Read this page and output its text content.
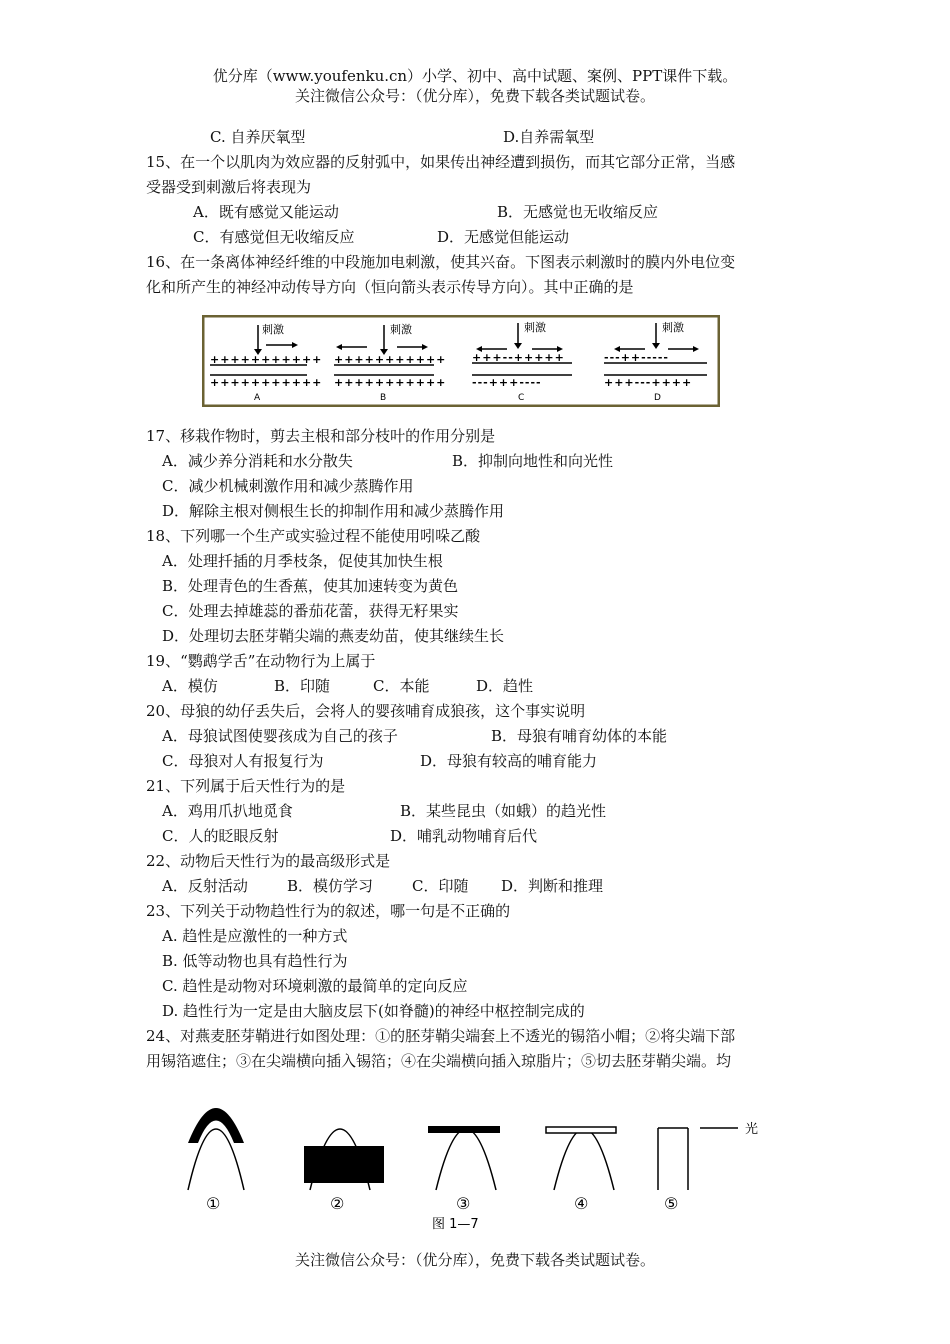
优分库（www.youfenku.cn）小学、初中、高中试题、案例、PPT课件下载。
关注微信公众号：（优分库），免费下载各类试题试卷。
C. 自养厌氧型	D.自养需氧型
15、在一个以肌肉为效应器的反射弧中，如果传出神经遭到损伤，而其它部分正常，当感
受器受到刺激后将表现为
A．既有感觉又能运动	B．无感觉也无收缩反应
C．有感觉但无收缩反应	D．无感觉但能运动
16、在一条离体神经纤维的中段施加电刺激，使其兴奋。下图表示刺激时的膜内外电位变
化和所产生的神经冲动传导方向（恒向箭头表示传导方向）。其中正确的是
刺激
+++++++++++
+++++++++++
A
刺激
+++++++++++
+++++++++++
B
刺激
+++--+++++
---+++----
C
刺激
---++-----
+++---++++
D
17、移栽作物时，剪去主根和部分枝叶的作用分别是
A．减少养分消耗和水分散失	B．抑制向地性和向光性
C．减少机械刺激作用和减少蒸腾作用
D．解除主根对侧根生长的抑制作用和减少蒸腾作用
18、下列哪一个生产或实验过程不能使用吲哚乙酸
A．处理扦插的月季枝条，促使其加快生根
B．处理青色的生香蕉，使其加速转变为黄色
C．处理去掉雄蕊的番茄花蕾，获得无籽果实
D．处理切去胚芽鞘尖端的燕麦幼苗，使其继续生长
19、“鹦鹉学舌”在动物行为上属于
A．模仿	B．印随	C．本能	D．趋性
20、母狼的幼仔丢失后，会将人的婴孩哺育成狼孩，这个事实说明
A．母狼试图使婴孩成为自己的孩子	B．母狼有哺育幼体的本能
C．母狼对人有报复行为	D．母狼有较高的哺育能力
21、下列属于后天性行为的是
A．鸡用爪扒地觅食	B．某些昆虫（如蛾）的趋光性
C．人的眨眼反射	D．哺乳动物哺育后代
22、动物后天性行为的最高级形式是
A．反射活动	B．模仿学习	C．印随 D．判断和推理
23、下列关于动物趋性行为的叙述，哪一句是不正确的
A. 趋性是应激性的一种方式
B. 低等动物也具有趋性行为
C. 趋性是动物对环境刺激的最简单的定向反应
D. 趋性行为一定是由大脑皮层下(如脊髓)的神经中枢控制完成的
24、对燕麦胚芽鞘进行如图处理：①的胚芽鞘尖端套上不透光的锡箔小帽；②将尖端下部
用锡箔遮住；③在尖端横向插入锡箔；④在尖端横向插入琼脂片；⑤切去胚芽鞘尖端。均
①	②	③	④
光
⑤
图 1—7
关注微信公众号：（优分库），免费下载各类试题试卷。
